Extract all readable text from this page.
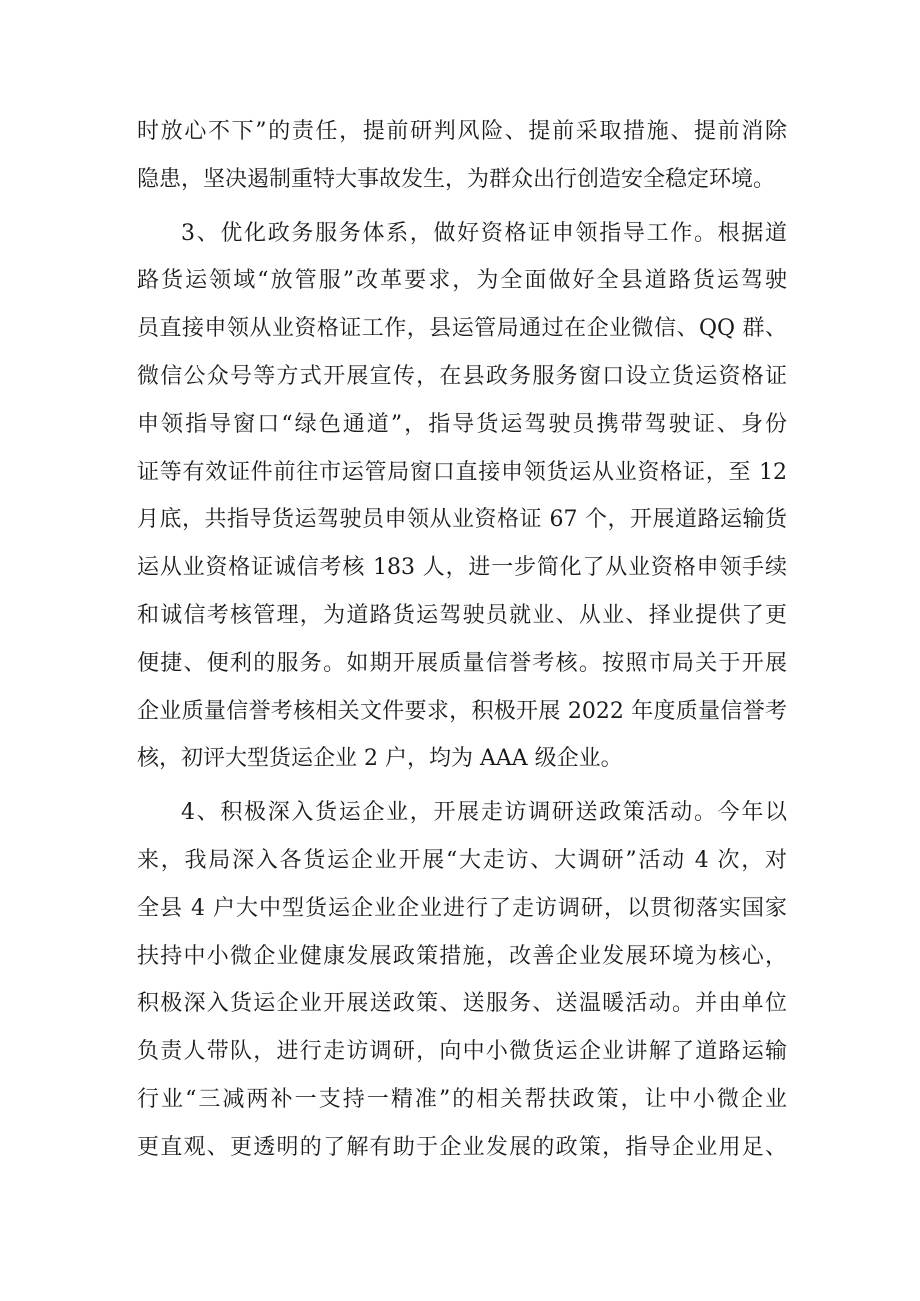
时放心不下”的责任，提前研判风险、提前采取措施、提前消除
隐患，坚决遏制重特大事故发生，为群众出行创造安全稳定环境。
3、优化政务服务体系，做好资格证申领指导工作。根据道
路货运领域“放管服”改革要求，为全面做好全县道路货运驾驶
员直接申领从业资格证工作，县运管局通过在企业微信、QQ 群、
微信公众号等方式开展宣传，在县政务服务窗口设立货运资格证
申领指导窗口“绿色通道”，指导货运驾驶员携带驾驶证、身份
证等有效证件前往市运管局窗口直接申领货运从业资格证，至 12
月底，共指导货运驾驶员申领从业资格证 67 个，开展道路运输货
运从业资格证诚信考核 183 人，进一步简化了从业资格申领手续
和诚信考核管理，为道路货运驾驶员就业、从业、择业提供了更
便捷、便利的服务。如期开展质量信誉考核。按照市局关于开展
企业质量信誉考核相关文件要求，积极开展 2022 年度质量信誉考
核，初评大型货运企业 2 户，均为 AAA 级企业。
4、积极深入货运企业，开展走访调研送政策活动。今年以
来，我局深入各货运企业开展“大走访、大调研”活动 4 次，对
全县 4 户大中型货运企业企业进行了走访调研，以贯彻落实国家
扶持中小微企业健康发展政策措施，改善企业发展环境为核心，
积极深入货运企业开展送政策、送服务、送温暖活动。并由单位
负责人带队，进行走访调研，向中小微货运企业讲解了道路运输
行业“三减两补一支持一精准”的相关帮扶政策，让中小微企业
更直观、更透明的了解有助于企业发展的政策，指导企业用足、
